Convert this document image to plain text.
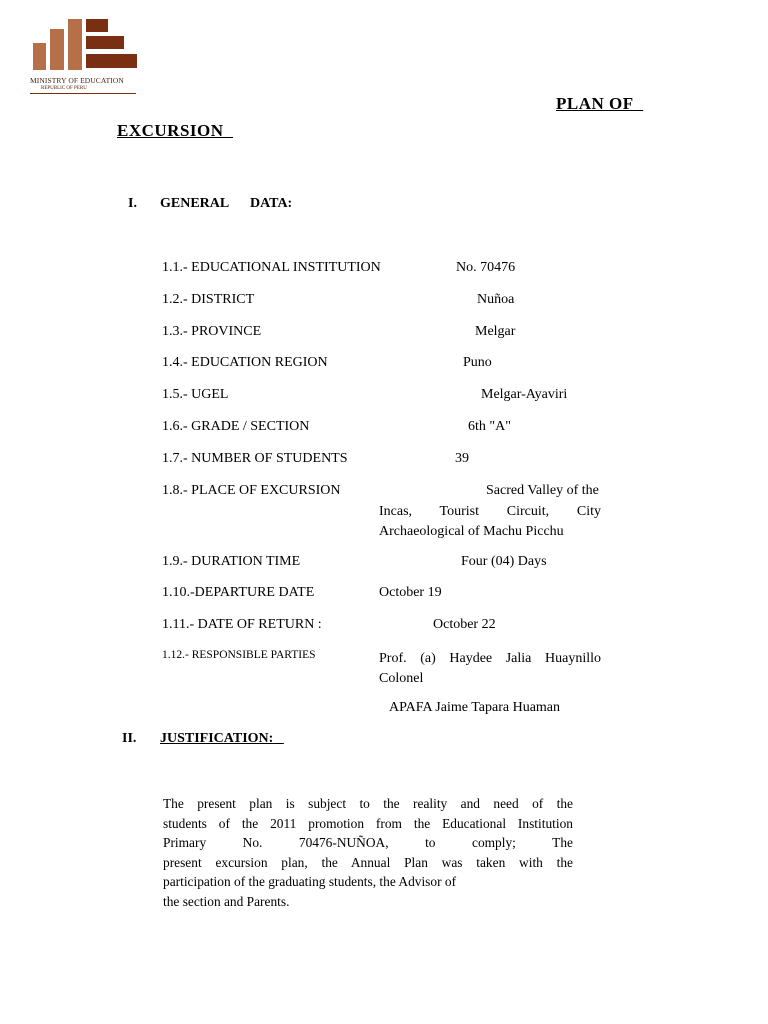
MINISTRY OF EDUCATION
REPUBLIC OF PERU
PLAN OF
EXCURSION
I. GENERAL DATA:
1.1.- EDUCATIONAL INSTITUTION	No. 70476
1.2.- DISTRICT	Nuñoa
1.3.- PROVINCE	Melgar
1.4.- EDUCATION REGION	Puno
1.5.- UGEL	Melgar-Ayaviri
1.6.- GRADE / SECTION	6th "A"
1.7.- NUMBER OF STUDENTS	39
1.8.- PLACE OF EXCURSION	Sacred Valley of the
Incas, Tourist Circuit, City Archaeological of Machu Picchu
1.9.- DURATION TIME	Four (04) Days
1.10.-DEPARTURE DATE	October 19
1.11.- DATE OF RETURN :	October 22
1.12.- RESPONSIBLE PARTIES	Prof. (a) Haydee Jalia Huaynillo Colonel
APAFA Jaime Tapara Huaman
II. JUSTIFICATION:
The present plan is subject to the reality and need of the
students of the 2011 promotion from the Educational Institution
Primary No. 70476-NUÑOA, to comply; The
present excursion plan, the Annual Plan was taken with the
participation of the graduating students, the Advisor of
the section and Parents.
